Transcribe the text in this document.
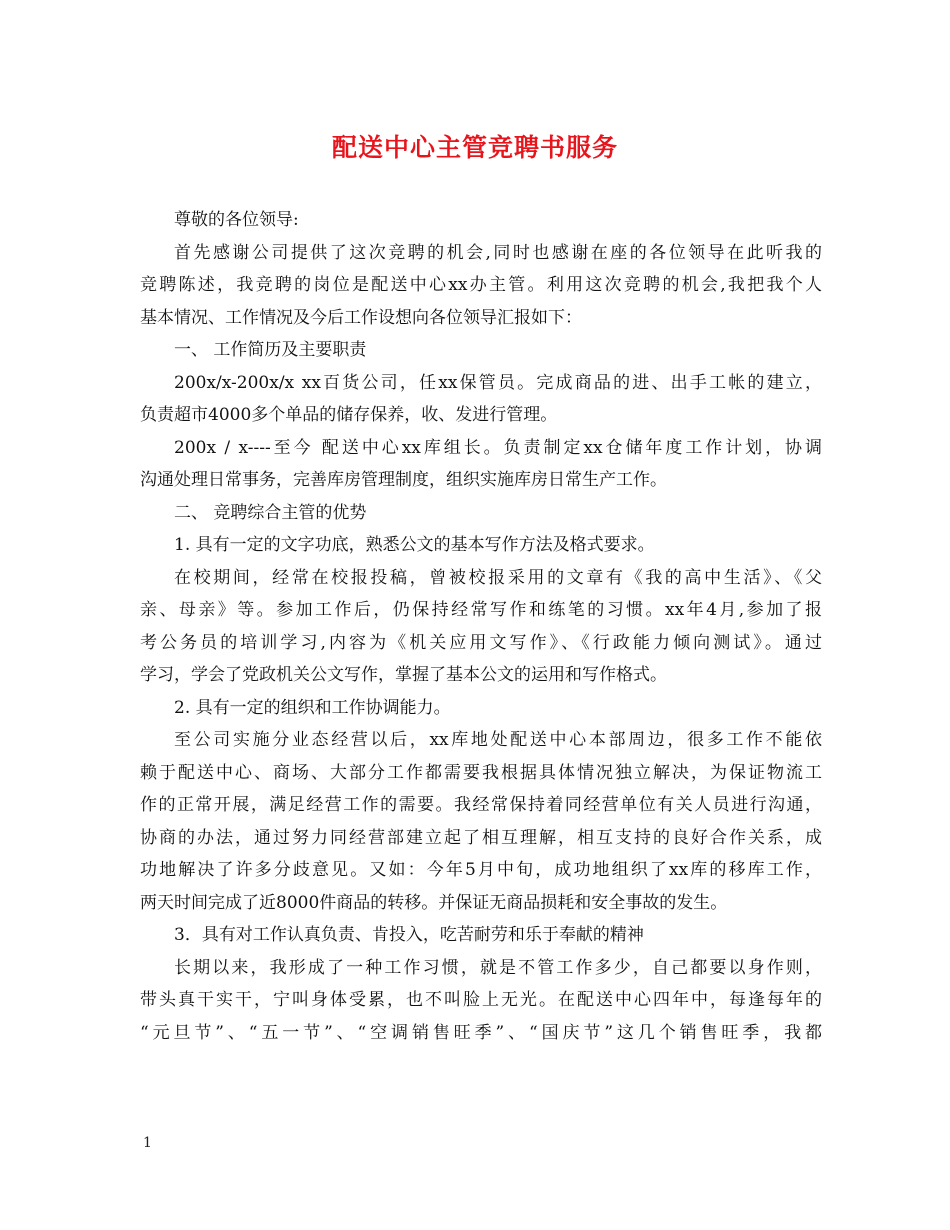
配送中心主管竞聘书服务
尊敬的各位领导:
首先感谢公司提供了这次竞聘的机会,同时也感谢在座的各位领导在此听我的
竞聘陈述，我竞聘的岗位是配送中心xx办主管。利用这次竞聘的机会,我把我个人
基本情况、工作情况及今后工作设想向各位领导汇报如下：
一、 工作简历及主要职责
200x/x-200x/x xx百货公司，任xx保管员。完成商品的进、出手工帐的建立，
负责超市4000多个单品的储存保养，收、发进行管理。
200x / x----至今 配送中心xx库组长。负责制定xx仓储年度工作计划，协调
沟通处理日常事务，完善库房管理制度，组织实施库房日常生产工作。
二、 竞聘综合主管的优势
1. 具有一定的文字功底，熟悉公文的基本写作方法及格式要求。
在校期间，经常在校报投稿，曾被校报采用的文章有《我的高中生活》、《父
亲、母亲》等。参加工作后，仍保持经常写作和练笔的习惯。xx年4月,参加了报
考公务员的培训学习,内容为《机关应用文写作》、《行政能力倾向测试》。通过
学习，学会了党政机关公文写作，掌握了基本公文的运用和写作格式。
2. 具有一定的组织和工作协调能力。
至公司实施分业态经营以后，xx库地处配送中心本部周边，很多工作不能依
赖于配送中心、商场、大部分工作都需要我根据具体情况独立解决，为保证物流工
作的正常开展，满足经营工作的需要。我经常保持着同经营单位有关人员进行沟通，
协商的办法，通过努力同经营部建立起了相互理解，相互支持的良好合作关系，成
功地解决了许多分歧意见。又如：今年5月中旬，成功地组织了xx库的移库工作，
两天时间完成了近8000件商品的转移。并保证无商品损耗和安全事故的发生。
3．具有对工作认真负责、肯投入，吃苦耐劳和乐于奉献的精神
长期以来，我形成了一种工作习惯，就是不管工作多少，自己都要以身作则，
带头真干实干，宁叫身体受累，也不叫脸上无光。在配送中心四年中，每逢每年的
“元旦节”、“五一节”、“空调销售旺季”、“国庆节”这几个销售旺季，我都
1
